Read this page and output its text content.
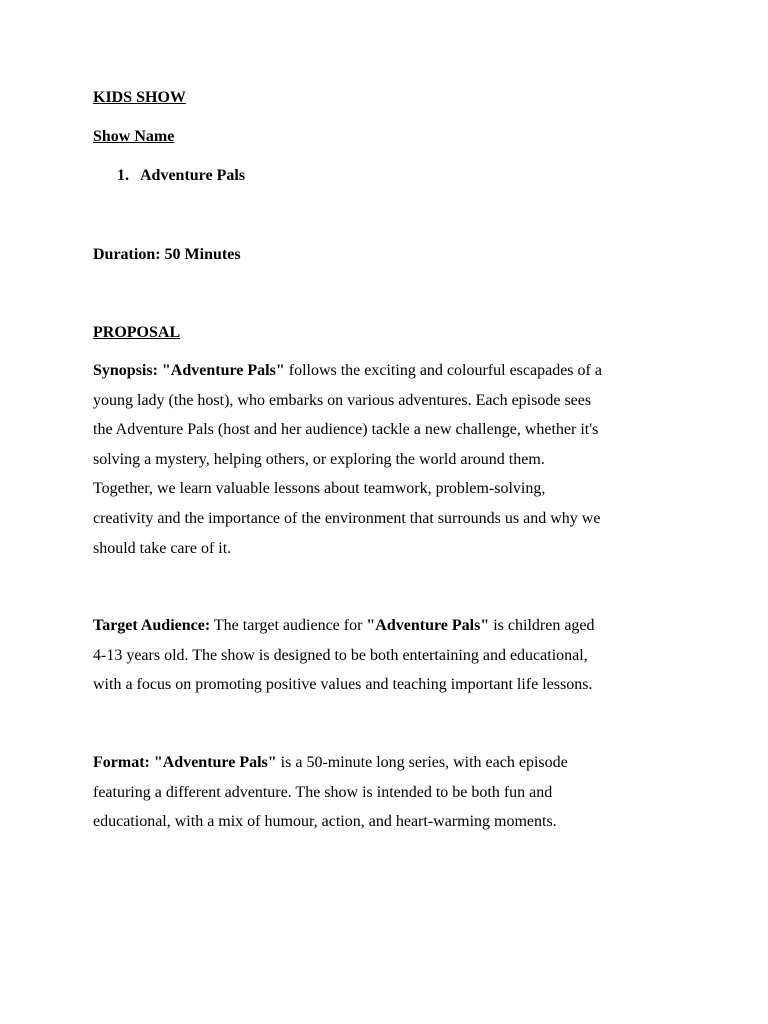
KIDS SHOW
Show Name
1. Adventure Pals
Duration: 50 Minutes
PROPOSAL
Synopsis: "Adventure Pals" follows the exciting and colourful escapades of a
young lady (the host), who embarks on various adventures. Each episode sees
the Adventure Pals (host and her audience) tackle a new challenge, whether it's
solving a mystery, helping others, or exploring the world around them.
Together, we learn valuable lessons about teamwork, problem-solving,
creativity and the importance of the environment that surrounds us and why we
should take care of it.
Target Audience: The target audience for "Adventure Pals" is children aged
4-13 years old. The show is designed to be both entertaining and educational,
with a focus on promoting positive values and teaching important life lessons.
Format: "Adventure Pals" is a 50-minute long series, with each episode
featuring a different adventure. The show is intended to be both fun and
educational, with a mix of humour, action, and heart-warming moments.
